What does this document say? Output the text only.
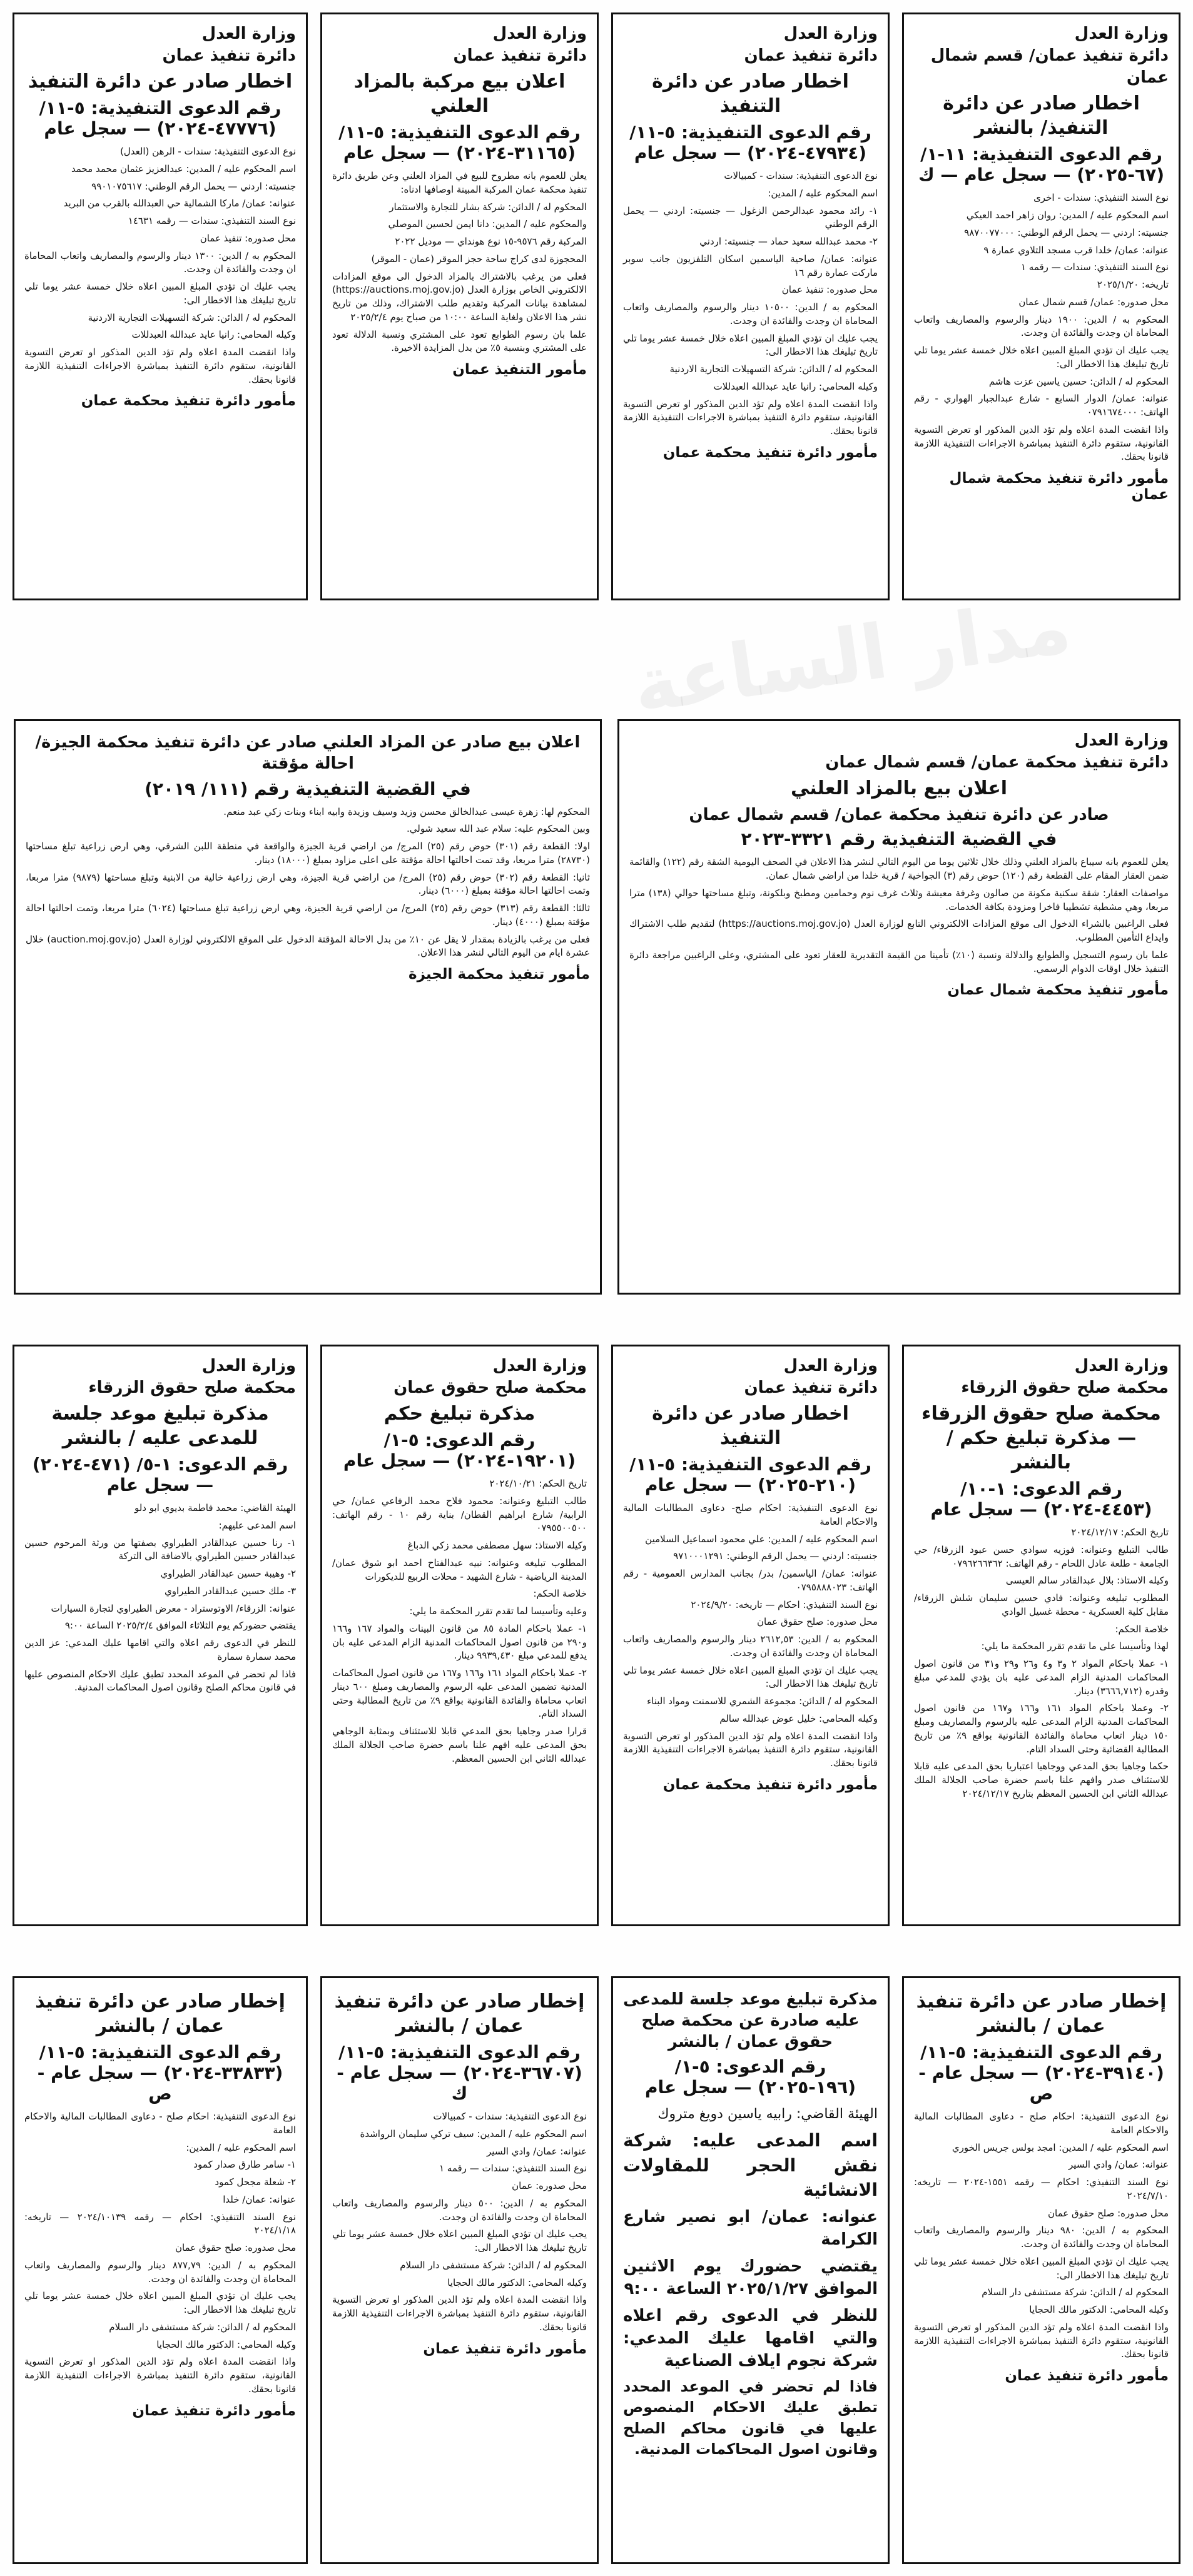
مدار الساعة
وزارة العدل
دائرة تنفيذ عمان/ قسم شمال عمان
اخطار صادر عن دائرة التنفيذ/ بالنشر
رقم الدعوى التنفيذية: ١١-١/ (٦٧-٢٠٢٥) — سجل عام — ك

نوع السند التنفيذي: سندات - اخرى

اسم المحكوم عليه / المدين: روان زاهر احمد العيكي

جنسيته: اردني — يحمل الرقم الوطني: ٩٨٧٠٠٧٧٠٠٠

عنوانه: عمان/ خلدا قرب مسجد التلاوي عمارة ٩

نوع السند التنفيذي: سندات — رقمه ١

تاريخه: ٢٠٢٥/١/٢٠

محل صدوره: عمان/ قسم شمال عمان

المحكوم به / الدين: ١٩٠٠ دينار والرسوم والمصاريف واتعاب المحاماة ان وجدت والفائدة ان وجدت.

يجب عليك ان تؤدي المبلغ المبين اعلاه خلال خمسة عشر يوما تلي تاريخ تبليغك هذا الاخطار الى:

المحكوم له / الدائن: حسين ياسين عزت هاشم

عنوانه: عمان/ الدوار السابع - شارع عبدالجبار الهواري - رقم الهاتف: ٠٧٩١٦٧٤٠٠٠

واذا انقضت المدة اعلاه ولم تؤد الدين المذكور او تعرض التسوية القانونية، ستقوم دائرة التنفيذ بمباشرة الاجراءات التنفيذية اللازمة قانونا بحقك.

مأمور دائرة تنفيذ محكمة شمال عمان
وزارة العدل
دائرة تنفيذ عمان
اخطار صادر عن دائرة التنفيذ
رقم الدعوى التنفيذية: ٥-١١/ (٤٧٩٣٤-٢٠٢٤) — سجل عام

نوع الدعوى التنفيذية: سندات - كمبيالات

اسم المحكوم عليه / المدين:

١- رائد محمود عبدالرحمن الزغول — جنسيته: اردني — يحمل الرقم الوطني

٢- محمد عبدالله سعيد حماد — جنسيته: اردني

عنوانه: عمان/ صاحية الياسمين اسكان التلفزيون جانب سوبر ماركت عمارة رقم ١٦

محل صدوره: تنفيذ عمان

المحكوم به / الدين: ١٠٥٠٠ دينار والرسوم والمصاريف واتعاب المحاماة ان وجدت والفائدة ان وجدت.

يجب عليك ان تؤدي المبلغ المبين اعلاه خلال خمسة عشر يوما تلي تاريخ تبليغك هذا الاخطار الى:

المحكوم له / الدائن: شركة التسهيلات التجارية الاردنية

وكيله المحامي: رانيا عايد عبدالله العبدللات

واذا انقضت المدة اعلاه ولم تؤد الدين المذكور او تعرض التسوية القانونية، ستقوم دائرة التنفيذ بمباشرة الاجراءات التنفيذية اللازمة قانونا بحقك.

مأمور دائرة تنفيذ محكمة عمان
وزارة العدل
دائرة تنفيذ عمان
اعلان بيع مركبة بالمزاد العلني
رقم الدعوى التنفيذية: ٥-١١/ (٣١١٦٥-٢٠٢٤) — سجل عام

يعلن للعموم بانه مطروح للبيع في المزاد العلني وعن طريق دائرة تنفيذ محكمة عمان المركبة المبينة اوصافها ادناه:

المحكوم له / الدائن: شركة بشار للتجارة والاستثمار

والمحكوم عليه / المدين: دانا ايمن لحسين الموصلي

المركبة رقم ٩٥٧٦-١٥ نوع هونداي — موديل ٢٠٢٢

المحجوزة لدى كراج ساحة حجز الموقر (عمان - الموقر)

فعلى من يرغب بالاشتراك بالمزاد الدخول الى موقع المزادات الالكتروني الخاص بوزارة العدل (https://auctions.moj.gov.jo) لمشاهدة بيانات المركبة وتقديم طلب الاشتراك، وذلك من تاريخ نشر هذا الاعلان ولغاية الساعة ١٠:٠٠ من صباح يوم ٢٠٢٥/٢/٤

علما بان رسوم الطوابع تعود على المشتري ونسبة الدلالة تعود على المشتري وبنسبة ٥٪ من بدل المزايدة الاخيرة.

مأمور التنفيذ عمان
وزارة العدل
دائرة تنفيذ عمان
اخطار صادر عن دائرة التنفيذ
رقم الدعوى التنفيذية: ٥-١١/ (٤٧٧٧٦-٢٠٢٤) — سجل عام

نوع الدعوى التنفيذية: سندات - الرهن (العدل)

اسم المحكوم عليه / المدين: عبدالعزيز عثمان محمد محمد

جنسيته: اردني — يحمل الرقم الوطني: ٩٩٠١٠٧٥٦١٧

عنوانه: عمان/ ماركا الشمالية حي العبدالله بالقرب من البريد

نوع السند التنفيذي: سندات — رقمه ١٤٦٣١

محل صدوره: تنفيذ عمان

المحكوم به / الدين: ١٣٠٠ دينار والرسوم والمصاريف واتعاب المحاماة ان وجدت والفائدة ان وجدت.

يجب عليك ان تؤدي المبلغ المبين اعلاه خلال خمسة عشر يوما تلي تاريخ تبليغك هذا الاخطار الى:

المحكوم له / الدائن: شركة التسهيلات التجارية الاردنية

وكيله المحامي: رانيا عايد عبدالله العبدللات

واذا انقضت المدة اعلاه ولم تؤد الدين المذكور او تعرض التسوية القانونية، ستقوم دائرة التنفيذ بمباشرة الاجراءات التنفيذية اللازمة قانونا بحقك.

مأمور دائرة تنفيذ محكمة عمان
وزارة العدل
دائرة تنفيذ محكمة عمان/ قسم شمال عمان
اعلان بيع بالمزاد العلني
صادر عن دائرة تنفيذ محكمة عمان/ قسم شمال عمان
في القضية التنفيذية رقم ٣٣٢١-٢٠٢٣

يعلن للعموم بانه سيباع بالمزاد العلني وذلك خلال ثلاثين يوما من اليوم التالي لنشر هذا الاعلان في الصحف اليومية الشقة رقم (١٢٢) والقائمة ضمن العقار المقام على القطعة رقم (١٢٠) حوض رقم (٣) الجواخية / قرية خلدا من اراضي شمال عمان.

مواصفات العقار: شقة سكنية مكونة من صالون وغرفة معيشة وثلاث غرف نوم وحمامين ومطبخ وبلكونة، وتبلغ مساحتها حوالي (١٣٨) مترا مربعا، وهي مشطبة تشطيبا فاخرا ومزودة بكافة الخدمات.

فعلى الراغبين بالشراء الدخول الى موقع المزادات الالكتروني التابع لوزارة العدل (https://auctions.moj.gov.jo) لتقديم طلب الاشتراك وايداع التأمين المطلوب.

علما بان رسوم التسجيل والطوابع والدلالة ونسبة (١٠٪) تأمينا من القيمة التقديرية للعقار تعود على المشتري، وعلى الراغبين مراجعة دائرة التنفيذ خلال اوقات الدوام الرسمي.

مأمور تنفيذ محكمة شمال عمان
اعلان بيع صادر عن المزاد العلني صادر عن دائرة تنفيذ محكمة الجيزة/ احالة مؤقتة
في القضية التنفيذية رقم (١١١/ ٢٠١٩)

المحكوم لها: زهرة عيسى عبدالخالق محسن وزيد وسيف وزيدة وابيه ابناء وبنات زكي عبد منعم.

وبين المحكوم عليه: سلام عبد الله سعيد شولي.

اولا: القطعة رقم (٣٠١) حوض رقم (٢٥) المرج/ من اراضي قرية الجيزة والواقعة في منطقة اللبن الشرقي، وهي ارض زراعية تبلغ مساحتها (٢٨٧٣٠) مترا مربعا، وقد تمت احالتها احالة مؤقتة على اعلى مزاود بمبلغ (١٨٠٠٠) دينار.

ثانيا: القطعة رقم (٣٠٢) حوض رقم (٢٥) المرج/ من اراضي قرية الجيزة، وهي ارض زراعية خالية من الابنية وتبلغ مساحتها (٩٨٧٩) مترا مربعا، وتمت احالتها احالة مؤقتة بمبلغ (٦٠٠٠) دينار.

ثالثا: القطعة رقم (٣١٣) حوض رقم (٢٥) المرج/ من اراضي قرية الجيزة، وهي ارض زراعية تبلغ مساحتها (٦٠٢٤) مترا مربعا، وتمت احالتها احالة مؤقتة بمبلغ (٤٠٠٠) دينار.

فعلى من يرغب بالزيادة بمقدار لا يقل عن ١٠٪ من بدل الاحالة المؤقتة الدخول على الموقع الالكتروني لوزارة العدل (auction.moj.gov.jo) خلال عشرة ايام من اليوم التالي لنشر هذا الاعلان.

مأمور تنفيذ محكمة الجيزة
وزارة العدل
محكمة صلح حقوق الزرقاء
محكمة صلح حقوق الزرقاء — مذكرة تبليغ حكم / بالنشر
رقم الدعوى: ١-١٠/ (٤٤٥٣-٢٠٢٤) — سجل عام

تاريخ الحكم: ٢٠٢٤/١٢/١٧

طالب التبليغ وعنوانه: فوزيه سوادي حسن عبود الزرقاء/ حي الجامعة - طلعة عادل اللحام - رقم الهاتف: ٠٧٩٦٢٦٦٣٦٢

وكيله الاستاذ: بلال عبدالقادر سالم العيسى

المطلوب تبليغه وعنوانه: فادي حسين سليمان شلش الزرقاء/ مقابل كلية العسكرية - محطة غسيل الوادي

خلاصة الحكم:

لهذا وتأسيسا على ما تقدم تقرر المحكمة ما يلي:

١- عملا باحكام المواد ٢ و٣ و٤ و٢٦ و٢٩ و٣١ من قانون اصول المحاكمات المدنية الزام المدعى عليه بان يؤدي للمدعي مبلغ وقدره (٣٦٦٦,٧١٢) دينار.

٢- وعملا باحكام المواد ١٦١ و١٦٦ و١٦٧ من قانون اصول المحاكمات المدنية الزام المدعى عليه بالرسوم والمصاريف ومبلغ ١٥٠ دينار اتعاب محاماة والفائدة القانونية بواقع ٩٪ من تاريخ المطالبة القضائية وحتى السداد التام.

حكما وجاهيا بحق المدعي ووجاهيا اعتباريا بحق المدعى عليه قابلا للاستئناف صدر وافهم علنا باسم حضرة صاحب الجلالة الملك عبدالله الثاني ابن الحسين المعظم بتاريخ ٢٠٢٤/١٢/١٧

وزارة العدل
دائرة تنفيذ عمان
اخطار صادر عن دائرة التنفيذ
رقم الدعوى التنفيذية: ٥-١١/ (٢١٠-٢٠٢٥) — سجل عام

نوع الدعوى التنفيذية: احكام صلح- دعاوى المطالبات المالية والاحكام العامة

اسم المحكوم عليه / المدين: علي محمود اسماعيل السلامين

جنسيته: اردني — يحمل الرقم الوطني: ٩٧١٠٠٠١٢٩١

عنوانه: عمان/ الياسمين/ بدر/ بجانب المدارس العمومية - رقم الهاتف: ٠٧٩٥٨٨٨٠٢٣

نوع السند التنفيذي: احكام — تاريخه: ٢٠٢٤/٩/٢٠

محل صدوره: صلح حقوق عمان

المحكوم به / الدين: ٢٦١٢,٥٣ دينار والرسوم والمصاريف واتعاب المحاماة ان وجدت والفائدة ان وجدت.

يجب عليك ان تؤدي المبلغ المبين اعلاه خلال خمسة عشر يوما تلي تاريخ تبليغك هذا الاخطار الى:

المحكوم له / الدائن: مجموعة الشمري للاسمنت ومواد البناء

وكيله المحامي: خليل عوض عبدالله سالم

واذا انقضت المدة اعلاه ولم تؤد الدين المذكور او تعرض التسوية القانونية، ستقوم دائرة التنفيذ بمباشرة الاجراءات التنفيذية اللازمة قانونا بحقك.

مأمور دائرة تنفيذ محكمة عمان
وزارة العدل
محكمة صلح حقوق عمان
مذكرة تبليغ حكم
رقم الدعوى: ٥-١/ (١٩٢٠١-٢٠٢٤) — سجل عام

تاريخ الحكم: ٢٠٢٤/١٠/٢١

طالب التبليغ وعنوانه: محمود فلاح محمد الرفاعي عمان/ حي الرابية/ شارع ابراهيم القطان/ بناية رقم ١٠ - رقم الهاتف: ٠٧٩٥٥٠٠٥٠٠

وكيله الاستاذ: سهل مصطفى محمد زكي الدباغ

المطلوب تبليغه وعنوانه: نبيه عبدالفتاح احمد ابو شوق عمان/ المدينة الرياضية - شارع الشهيد - محلات الربيع للديكورات

خلاصة الحكم:

وعليه وتأسيسا لما تقدم تقرر المحكمة ما يلي:

١- عملا باحكام المادة ٨٥ من قانون البينات والمواد ١٦٧ و١٦٦ و٢٩٠ من قانون اصول المحاكمات المدنية الزام المدعى عليه بان يدفع للمدعي مبلغ ٩٩٣٩,٤٣٠ دينار.

٢- عملا باحكام المواد ١٦١ و١٦٦ و١٦٧ من قانون اصول المحاكمات المدنية تضمين المدعى عليه الرسوم والمصاريف ومبلغ ٦٠٠ دينار اتعاب محاماة والفائدة القانونية بواقع ٩٪ من تاريخ المطالبة وحتى السداد التام.

قرارا صدر وجاهيا بحق المدعي قابلا للاستئناف وبمثابة الوجاهي بحق المدعى عليه افهم علنا باسم حضرة صاحب الجلالة الملك عبدالله الثاني ابن الحسين المعظم.

وزارة العدل
محكمة صلح حقوق الزرقاء
مذكرة تبليغ موعد جلسة للمدعى عليه / بالنشر
رقم الدعوى: ١-٥/ (٤٧١-٢٠٢٤) — سجل عام

الهيئة القاضي: محمد فاطمة بديوي ابو دلو

اسم المدعى عليهم:

١- رنا حسين عبدالقادر الطيراوي بصفتها من ورثة المرحوم حسين عبدالقادر حسين الطيراوي بالاضافة الى التركة

٢- وهيبة حسين عبدالقادر الطيراوي

٣- ملك حسين عبدالقادر الطيراوي

عنوانه: الزرقاء/ الاوتوستراد - معرض الطيراوي لتجارة السيارات

يقتضي حضوركم يوم الثلاثاء الموافق ٢٠٢٥/٢/٤ الساعة ٩:٠٠

للنظر في الدعوى رقم اعلاه والتي اقامها عليك المدعي: عز الدين محمد سمارة سمارة

فاذا لم تحضر في الموعد المحدد تطبق عليك الاحكام المنصوص عليها في قانون محاكم الصلح وقانون اصول المحاكمات المدنية.

إخطار صادر عن دائرة تنفيذ عمان / بالنشر
رقم الدعوى التنفيذية: ٥-١١/ (٣٩١٤٠-٢٠٢٤) — سجل عام - ص

نوع الدعوى التنفيذية: احكام صلح - دعاوى المطالبات المالية والاحكام العامة

اسم المحكوم عليه / المدين: امجد بولس جريس الخوري

عنوانه: عمان/ وادي السير

نوع السند التنفيذي: احكام — رقمه ١٥٥١-٢٠٢٤ — تاريخه: ٢٠٢٤/٧/١٠

محل صدوره: صلح حقوق عمان

المحكوم به / الدين: ٩٨٠ دينار والرسوم والمصاريف واتعاب المحاماة ان وجدت والفائدة ان وجدت.

يجب عليك ان تؤدي المبلغ المبين اعلاه خلال خمسة عشر يوما تلي تاريخ تبليغك هذا الاخطار الى:

المحكوم له / الدائن: شركة مستشفى دار السلام

وكيله المحامي: الدكتور مالك الحجايا

واذا انقضت المدة اعلاه ولم تؤد الدين المذكور او تعرض التسوية القانونية، ستقوم دائرة التنفيذ بمباشرة الاجراءات التنفيذية اللازمة قانونا بحقك.

مأمور دائرة تنفيذ عمان
مذكرة تبليغ موعد جلسة للمدعى عليه صادرة عن محكمة صلح حقوق عمان / بالنشر
رقم الدعوى: ٥-١/ (١٩٦-٢٠٢٥) — سجل عام

الهيئة القاضي: رابيه ياسين دويغ متروك

اسم المدعى عليه: شركة نقش الحجر للمقاولات الانشائية

عنوانه: عمان/ ابو نصير شارع الكرامة

يقتضي حضورك يوم الاثنين الموافق ٢٠٢٥/١/٢٧ الساعة ٩:٠٠

للنظر في الدعوى رقم اعلاه والتي اقامها عليك المدعي: شركة نجوم ايلاف الصناعية

فاذا لم تحضر في الموعد المحدد تطبق عليك الاحكام المنصوص عليها في قانون محاكم الصلح وقانون اصول المحاكمات المدنية.

إخطار صادر عن دائرة تنفيذ عمان / بالنشر
رقم الدعوى التنفيذية: ٥-١١/ (٣٦٧٠٧-٢٠٢٤) — سجل عام - ك

نوع الدعوى التنفيذية: سندات - كمبيالات

اسم المحكوم عليه / المدين: سيف تركي سليمان الرواشدة

عنوانه: عمان/ وادي السير

نوع السند التنفيذي: سندات — رقمه ١

محل صدوره: عمان

المحكوم به / الدين: ٥٠٠ دينار والرسوم والمصاريف واتعاب المحاماة ان وجدت والفائدة ان وجدت.

يجب عليك ان تؤدي المبلغ المبين اعلاه خلال خمسة عشر يوما تلي تاريخ تبليغك هذا الاخطار الى:

المحكوم له / الدائن: شركة مستشفى دار السلام

وكيله المحامي: الدكتور مالك الحجايا

واذا انقضت المدة اعلاه ولم تؤد الدين المذكور او تعرض التسوية القانونية، ستقوم دائرة التنفيذ بمباشرة الاجراءات التنفيذية اللازمة قانونا بحقك.

مأمور دائرة تنفيذ عمان
إخطار صادر عن دائرة تنفيذ عمان / بالنشر
رقم الدعوى التنفيذية: ٥-١١/ (٣٣٨٣٣-٢٠٢٤) — سجل عام - ص

نوع الدعوى التنفيذية: احكام صلح - دعاوى المطالبات المالية والاحكام العامة

اسم المحكوم عليه / المدين:

١- سامر طارق صدار كمود

٢- شعلة مجحل كمود

عنوانه: عمان/ خلدا

نوع السند التنفيذي: احكام — رقمه ٢٠٢٤/١٠١٣٩ — تاريخه: ٢٠٢٤/١/١٨

محل صدوره: صلح حقوق عمان

المحكوم به / الدين: ٨٧٧,٧٩ دينار والرسوم والمصاريف واتعاب المحاماة ان وجدت والفائدة ان وجدت.

يجب عليك ان تؤدي المبلغ المبين اعلاه خلال خمسة عشر يوما تلي تاريخ تبليغك هذا الاخطار الى:

المحكوم له / الدائن: شركة مستشفى دار السلام

وكيله المحامي: الدكتور مالك الحجايا

واذا انقضت المدة اعلاه ولم تؤد الدين المذكور او تعرض التسوية القانونية، ستقوم دائرة التنفيذ بمباشرة الاجراءات التنفيذية اللازمة قانونا بحقك.

مأمور دائرة تنفيذ عمان
